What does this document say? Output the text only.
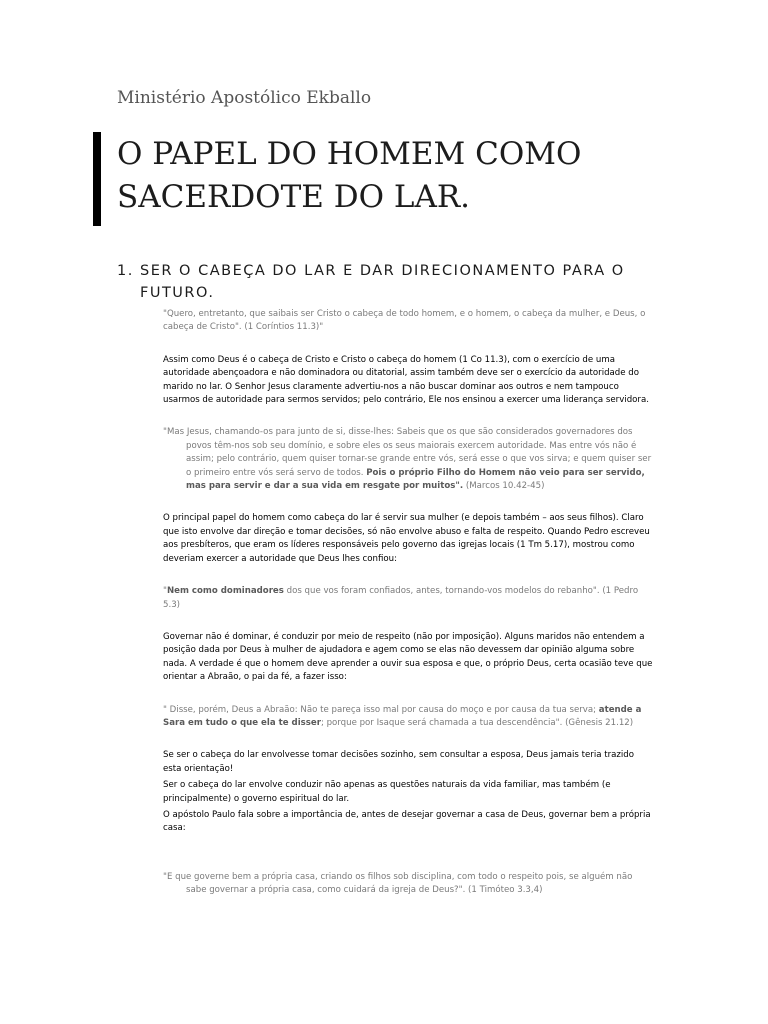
Ministério Apostólico Ekballo
O PAPEL DO HOMEM COMO SACERDOTE DO LAR.
1. SER O CABEÇA DO LAR E DAR DIRECIONAMENTO PARA O FUTURO.

"Quero, entretanto, que saibais ser Cristo o cabeça de todo homem, e o homem, o cabeça da mulher, e Deus, o cabeça de Cristo". (1 Coríntios 11.3)"

Assim como Deus é o cabeça de Cristo e Cristo o cabeça do homem (1 Co 11.3), com o exercício de uma autoridade abençoadora e não dominadora ou ditatorial, assim também deve ser o exercício da autoridade do marido no lar. O Senhor Jesus claramente advertiu-nos a não buscar dominar aos outros e nem tampouco usarmos de autoridade para sermos servidos; pelo contrário, Ele nos ensinou a exercer uma liderança servidora.

"Mas Jesus, chamando-os para junto de si, disse-lhes: Sabeis que os que são considerados governadores dos povos têm-nos sob seu domínio, e sobre eles os seus maiorais exercem autoridade. Mas entre vós não é assim; pelo contrário, quem quiser tornar-se grande entre vós, será esse o que vos sirva; e quem quiser ser o primeiro entre vós será servo de todos. Pois o próprio Filho do Homem não veio para ser servido, mas para servir e dar a sua vida em resgate por muitos". (Marcos 10.42-45)

O principal papel do homem como cabeça do lar é servir sua mulher (e depois também – aos seus filhos). Claro que isto envolve dar direção e tomar decisões, só não envolve abuso e falta de respeito. Quando Pedro escreveu aos presbíteros, que eram os líderes responsáveis pelo governo das igrejas locais (1 Tm 5.17), mostrou como deveriam exercer a autoridade que Deus lhes confiou:

"Nem como dominadores dos que vos foram confiados, antes, tornando-vos modelos do rebanho". (1 Pedro 5.3)

Governar não é dominar, é conduzir por meio de respeito (não por imposição). Alguns maridos não entendem a posição dada por Deus à mulher de ajudadora e agem como se elas não devessem dar opinião alguma sobre nada. A verdade é que o homem deve aprender a ouvir sua esposa e que, o próprio Deus, certa ocasião teve que orientar a Abraão, o pai da fé, a fazer isso:

" Disse, porém, Deus a Abraão: Não te pareça isso mal por causa do moço e por causa da tua serva; atende a Sara em tudo o que ela te disser; porque por Isaque será chamada a tua descendência". (Gênesis 21.12)

Se ser o cabeça do lar envolvesse tomar decisões sozinho, sem consultar a esposa, Deus jamais teria trazido esta orientação!

Ser o cabeça do lar envolve conduzir não apenas as questões naturais da vida familiar, mas também (e principalmente) o governo espiritual do lar.

O apóstolo Paulo fala sobre a importância de, antes de desejar governar a casa de Deus, governar bem a própria casa:

"E que governe bem a própria casa, criando os filhos sob disciplina, com todo o respeito pois, se alguém não sabe governar a própria casa, como cuidará da igreja de Deus?". (1 Timóteo 3.3,4)
